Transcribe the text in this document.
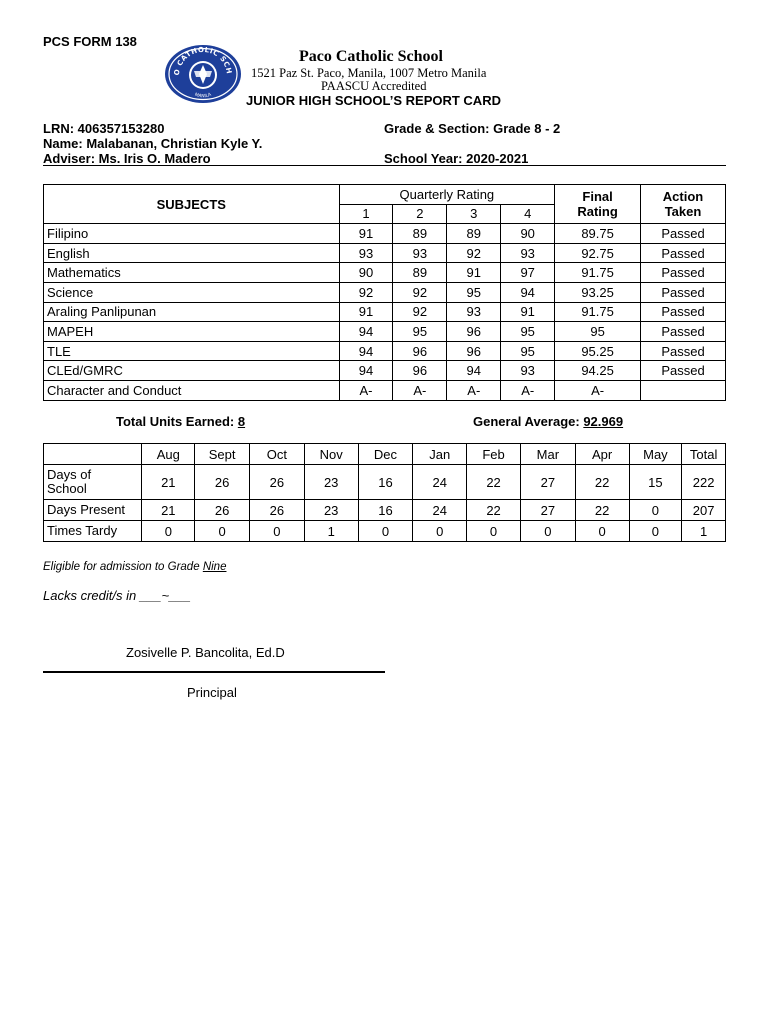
PCS FORM 138
O CATHOLIC SCH
MANILA
Paco Catholic School
1521 Paz St. Paco, Manila, 1007 Metro Manila
PAASCU Accredited
JUNIOR HIGH SCHOOL’S REPORT CARD
LRN: 406357153280	Grade & Section: Grade 8 - 2
Name: Malabanan, Christian Kyle Y.
Adviser: Ms. Iris O. Madero	School Year: 2020-2021
SUBJECTS	Quarterly Rating				Final
Rating	Action
Taken
	1	2	3	4		
Filipino	91	89	89	90	89.75	Passed
English	93	93	92	93	92.75	Passed
Mathematics	90	89	91	97	91.75	Passed
Science	92	92	95	94	93.25	Passed
Araling Panlipunan	91	92	93	91	91.75	Passed
MAPEH	94	95	96	95	95	Passed
TLE	94	96	96	95	95.25	Passed
CLEd/GMRC	94	96	94	93	94.25	Passed
Character and Conduct	A-	A-	A-	A-	A-	
Total Units Earned: 8	General Average: 92.969
	Aug	Sept	Oct	Nov	Dec	Jan	Feb	Mar	Apr	May	Total
Days of
School	21	26	26	23	16	24	22	27	22	15	222
Days Present	21	26	26	23	16	24	22	27	22	0	207
Times Tardy	0	0	0	1	0	0	0	0	0	0	1
Eligible for admission to Grade Nine
Lacks credit/s in ___~___
Zosivelle P. Bancolita, Ed.D
Principal
